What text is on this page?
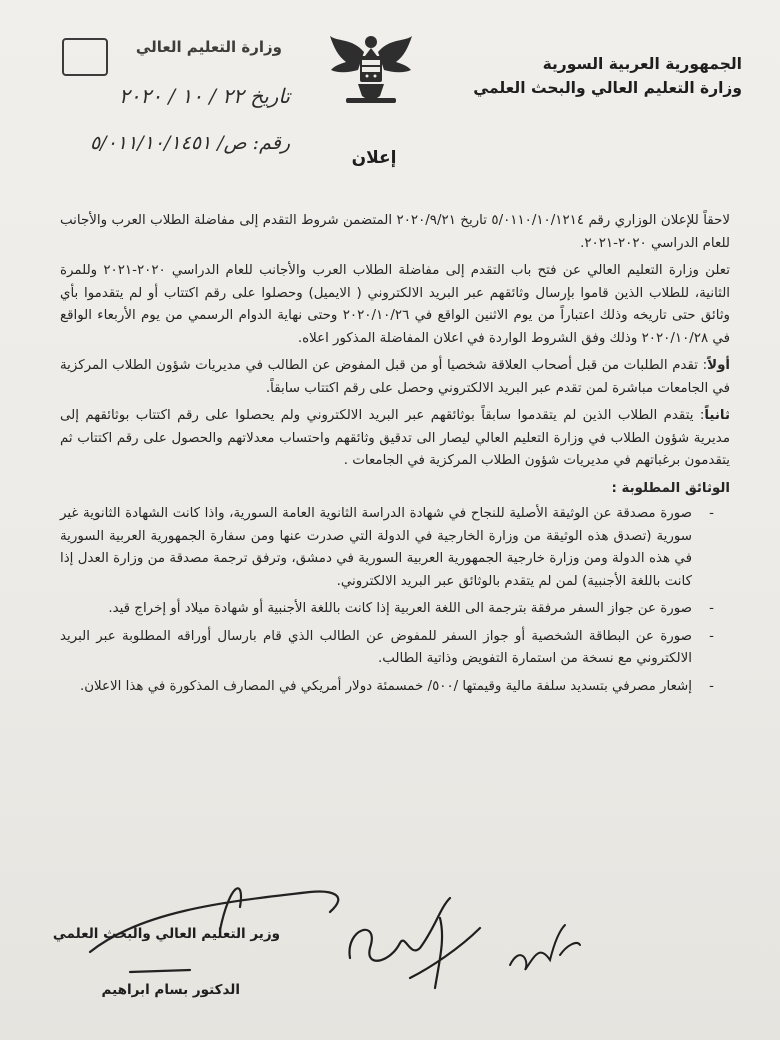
الجمهورية العربية السورية
وزارة التعليم العالي والبحث العلمي
وزارة التعليم العالي
تاريخ ٢٢ / ١٠ / ٢٠٢٠
رقم: ص/ ٥/٠١١/١٠/١٤٥١
إعلان

لاحقاً للإعلان الوزاري رقم ٥/٠١١٠/١٠/١٢١٤ تاريخ ٢٠٢٠/٩/٢١ المتضمن شروط التقدم إلى مفاضلة الطلاب العرب والأجانب للعام الدراسي ٢٠٢٠-٢٠٢١.

تعلن وزارة التعليم العالي عن فتح باب التقدم إلى مفاضلة الطلاب العرب والأجانب للعام الدراسي ٢٠٢٠-٢٠٢١ وللمرة الثانية، للطلاب الذين قاموا بإرسال وثائقهم عبر البريد الالكتروني ( الايميل) وحصلوا على رقم اكتتاب أو لم يتقدموا بأي وثائق حتى تاريخه وذلك اعتباراً من يوم الاثنين الواقع في ٢٠٢٠/١٠/٢٦ وحتى نهاية الدوام الرسمي من يوم الأربعاء الواقع في ٢٠٢٠/١٠/٢٨ وذلك وفق الشروط الواردة في اعلان المفاضلة المذكور اعلاه.

أولاً: تقدم الطلبات من قبل أصحاب العلاقة شخصيا أو من قبل المفوض عن الطالب في مديريات شؤون الطلاب المركزية في الجامعات مباشرة لمن تقدم عبر البريد الالكتروني وحصل على رقم اكتتاب سابقاً.

ثانياً: يتقدم الطلاب الذين لم يتقدموا سابقاً بوثائقهم عبر البريد الالكتروني ولم يحصلوا على رقم اكتتاب بوثائقهم إلى مديرية شؤون الطلاب في وزارة التعليم العالي ليصار الى تدقيق وثائقهم واحتساب معدلاتهم والحصول على رقم اكتتاب ثم يتقدمون برغباتهم في مديريات شؤون الطلاب المركزية في الجامعات .

الوثائق المطلوبة :
-
صورة مصدقة عن الوثيقة الأصلية للنجاح في شهادة الدراسة الثانوية العامة السورية، واذا كانت الشهادة الثانوية غير سورية (تصدق هذه الوثيقة من وزارة الخارجية في الدولة التي صدرت عنها ومن سفارة الجمهورية العربية السورية في هذه الدولة ومن وزارة خارجية الجمهورية العربية السورية في دمشق، وترفق ترجمة مصدقة من وزارة العدل إذا كانت باللغة الأجنبية) لمن لم يتقدم بالوثائق عبر البريد الالكتروني.
-
صورة عن جواز السفر مرفقة بترجمة الى اللغة العربية إذا كانت باللغة الأجنبية أو شهادة ميلاد أو إخراج قيد.
-
صورة عن البطاقة الشخصية أو جواز السفر للمفوض عن الطالب الذي قام بارسال أوراقه المطلوبة عبر البريد الالكتروني مع نسخة من استمارة التفويض وذاتية الطالب.
-
إشعار مصرفي بتسديد سلفة مالية وقيمتها /٥٠٠/ خمسمئة دولار أمريكي في المصارف المذكورة في هذا الاعلان.
وزير التعليم العالي والبحث العلمي
الدكتور بسام ابراهيم
